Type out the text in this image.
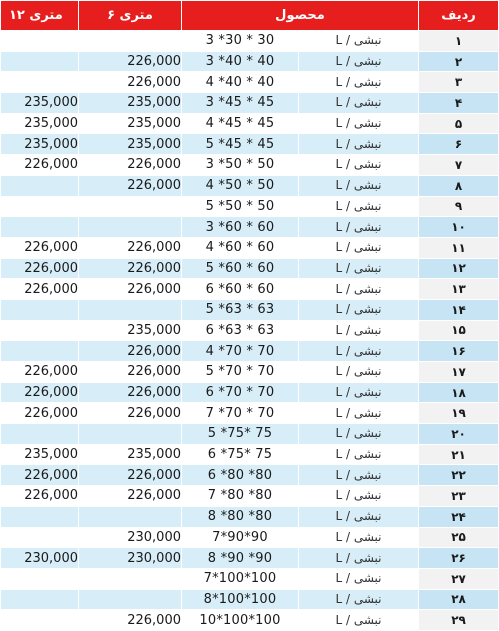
۱۲ متری	۶ متری	محصول		ردیف
		3 *30 * 30	L / نبشی	۱
	226,000	3 *40 * 40	L / نبشی	۲
	226,000	4 *40 * 40	L / نبشی	۳
235,000	235,000	3 *45 * 45	L / نبشی	۴
235,000	235,000	4 *45 * 45	L / نبشی	۵
235,000	235,000	5 *45 * 45	L / نبشی	۶
226,000	226,000	3 *50 * 50	L / نبشی	۷
	226,000	4 *50 * 50	L / نبشی	۸
		5 *50 * 50	L / نبشی	۹
		3 *60 * 60	L / نبشی	۱۰
226,000	226,000	4 *60 * 60	L / نبشی	۱۱
226,000	226,000	5 *60 * 60	L / نبشی	۱۲
226,000	226,000	6 *60 * 60	L / نبشی	۱۳
		5 *63 * 63	L / نبشی	۱۴
	235,000	6 *63 * 63	L / نبشی	۱۵
	226,000	4 *70 * 70	L / نبشی	۱۶
226,000	226,000	5 *70 * 70	L / نبشی	۱۷
226,000	226,000	6 *70 * 70	L / نبشی	۱۸
226,000	226,000	7 *70 * 70	L / نبشی	۱۹
		5 *75* 75	L / نبشی	۲۰
235,000	235,000	6 *75* 75	L / نبشی	۲۱
226,000	226,000	6 *80 *80	L / نبشی	۲۲
226,000	226,000	7 *80 *80	L / نبشی	۲۳
		8 *80 *80	L / نبشی	۲۴
	230,000	7*90*90	L / نبشی	۲۵
230,000	230,000	8 *90 *90	L / نبشی	۲۶
		7*100*100	L / نبشی	۲۷
		8*100*100	L / نبشی	۲۸
	226,000	10*100*100	L / نبشی	۲۹
